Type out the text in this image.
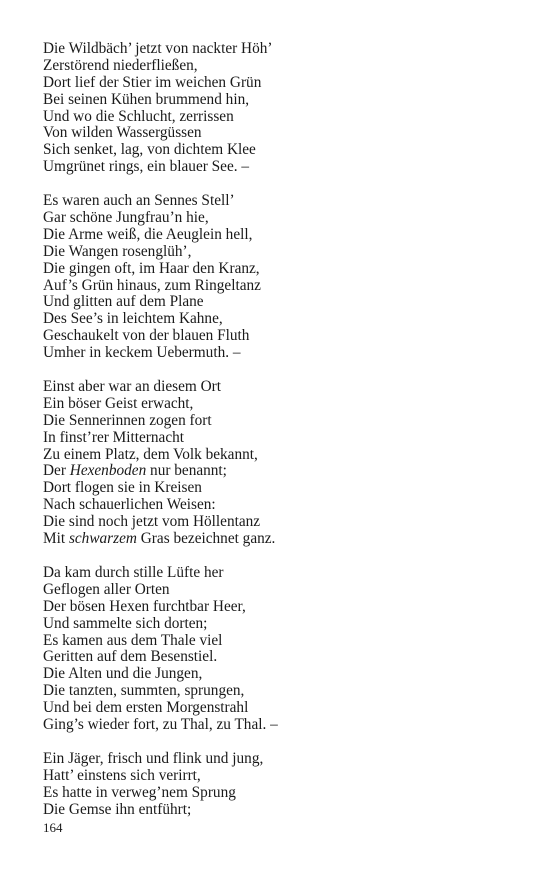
Die Wildbäch’ jetzt von nackter Höh’
Zerstörend niederfließen,
Dort lief der Stier im weichen Grün
Bei seinen Kühen brummend hin,
Und wo die Schlucht, zerrissen
Von wilden Wassergüssen
Sich senket, lag, von dichtem Klee
Umgrünet rings, ein blauer See. –
Es waren auch an Sennes Stell’
Gar schöne Jungfrau’n hie,
Die Arme weiß, die Aeuglein hell,
Die Wangen rosenglüh’,
Die gingen oft, im Haar den Kranz,
Auf’s Grün hinaus, zum Ringeltanz
Und glitten auf dem Plane
Des See’s in leichtem Kahne,
Geschaukelt von der blauen Fluth
Umher in keckem Uebermuth. –
Einst aber war an diesem Ort
Ein böser Geist erwacht,
Die Sennerinnen zogen fort
In finst’rer Mitternacht
Zu einem Platz, dem Volk bekannt,
Der Hexenboden nur benannt;
Dort flogen sie in Kreisen
Nach schauerlichen Weisen:
Die sind noch jetzt vom Höllentanz
Mit schwarzem Gras bezeichnet ganz.
Da kam durch stille Lüfte her
Geflogen aller Orten
Der bösen Hexen furchtbar Heer,
Und sammelte sich dorten;
Es kamen aus dem Thale viel
Geritten auf dem Besenstiel.
Die Alten und die Jungen,
Die tanzten, summten, sprungen,
Und bei dem ersten Morgenstrahl
Ging’s wieder fort, zu Thal, zu Thal. –
Ein Jäger, frisch und flink und jung,
Hatt’ einstens sich verirrt,
Es hatte in verweg’nem Sprung
Die Gemse ihn entführt;
164
